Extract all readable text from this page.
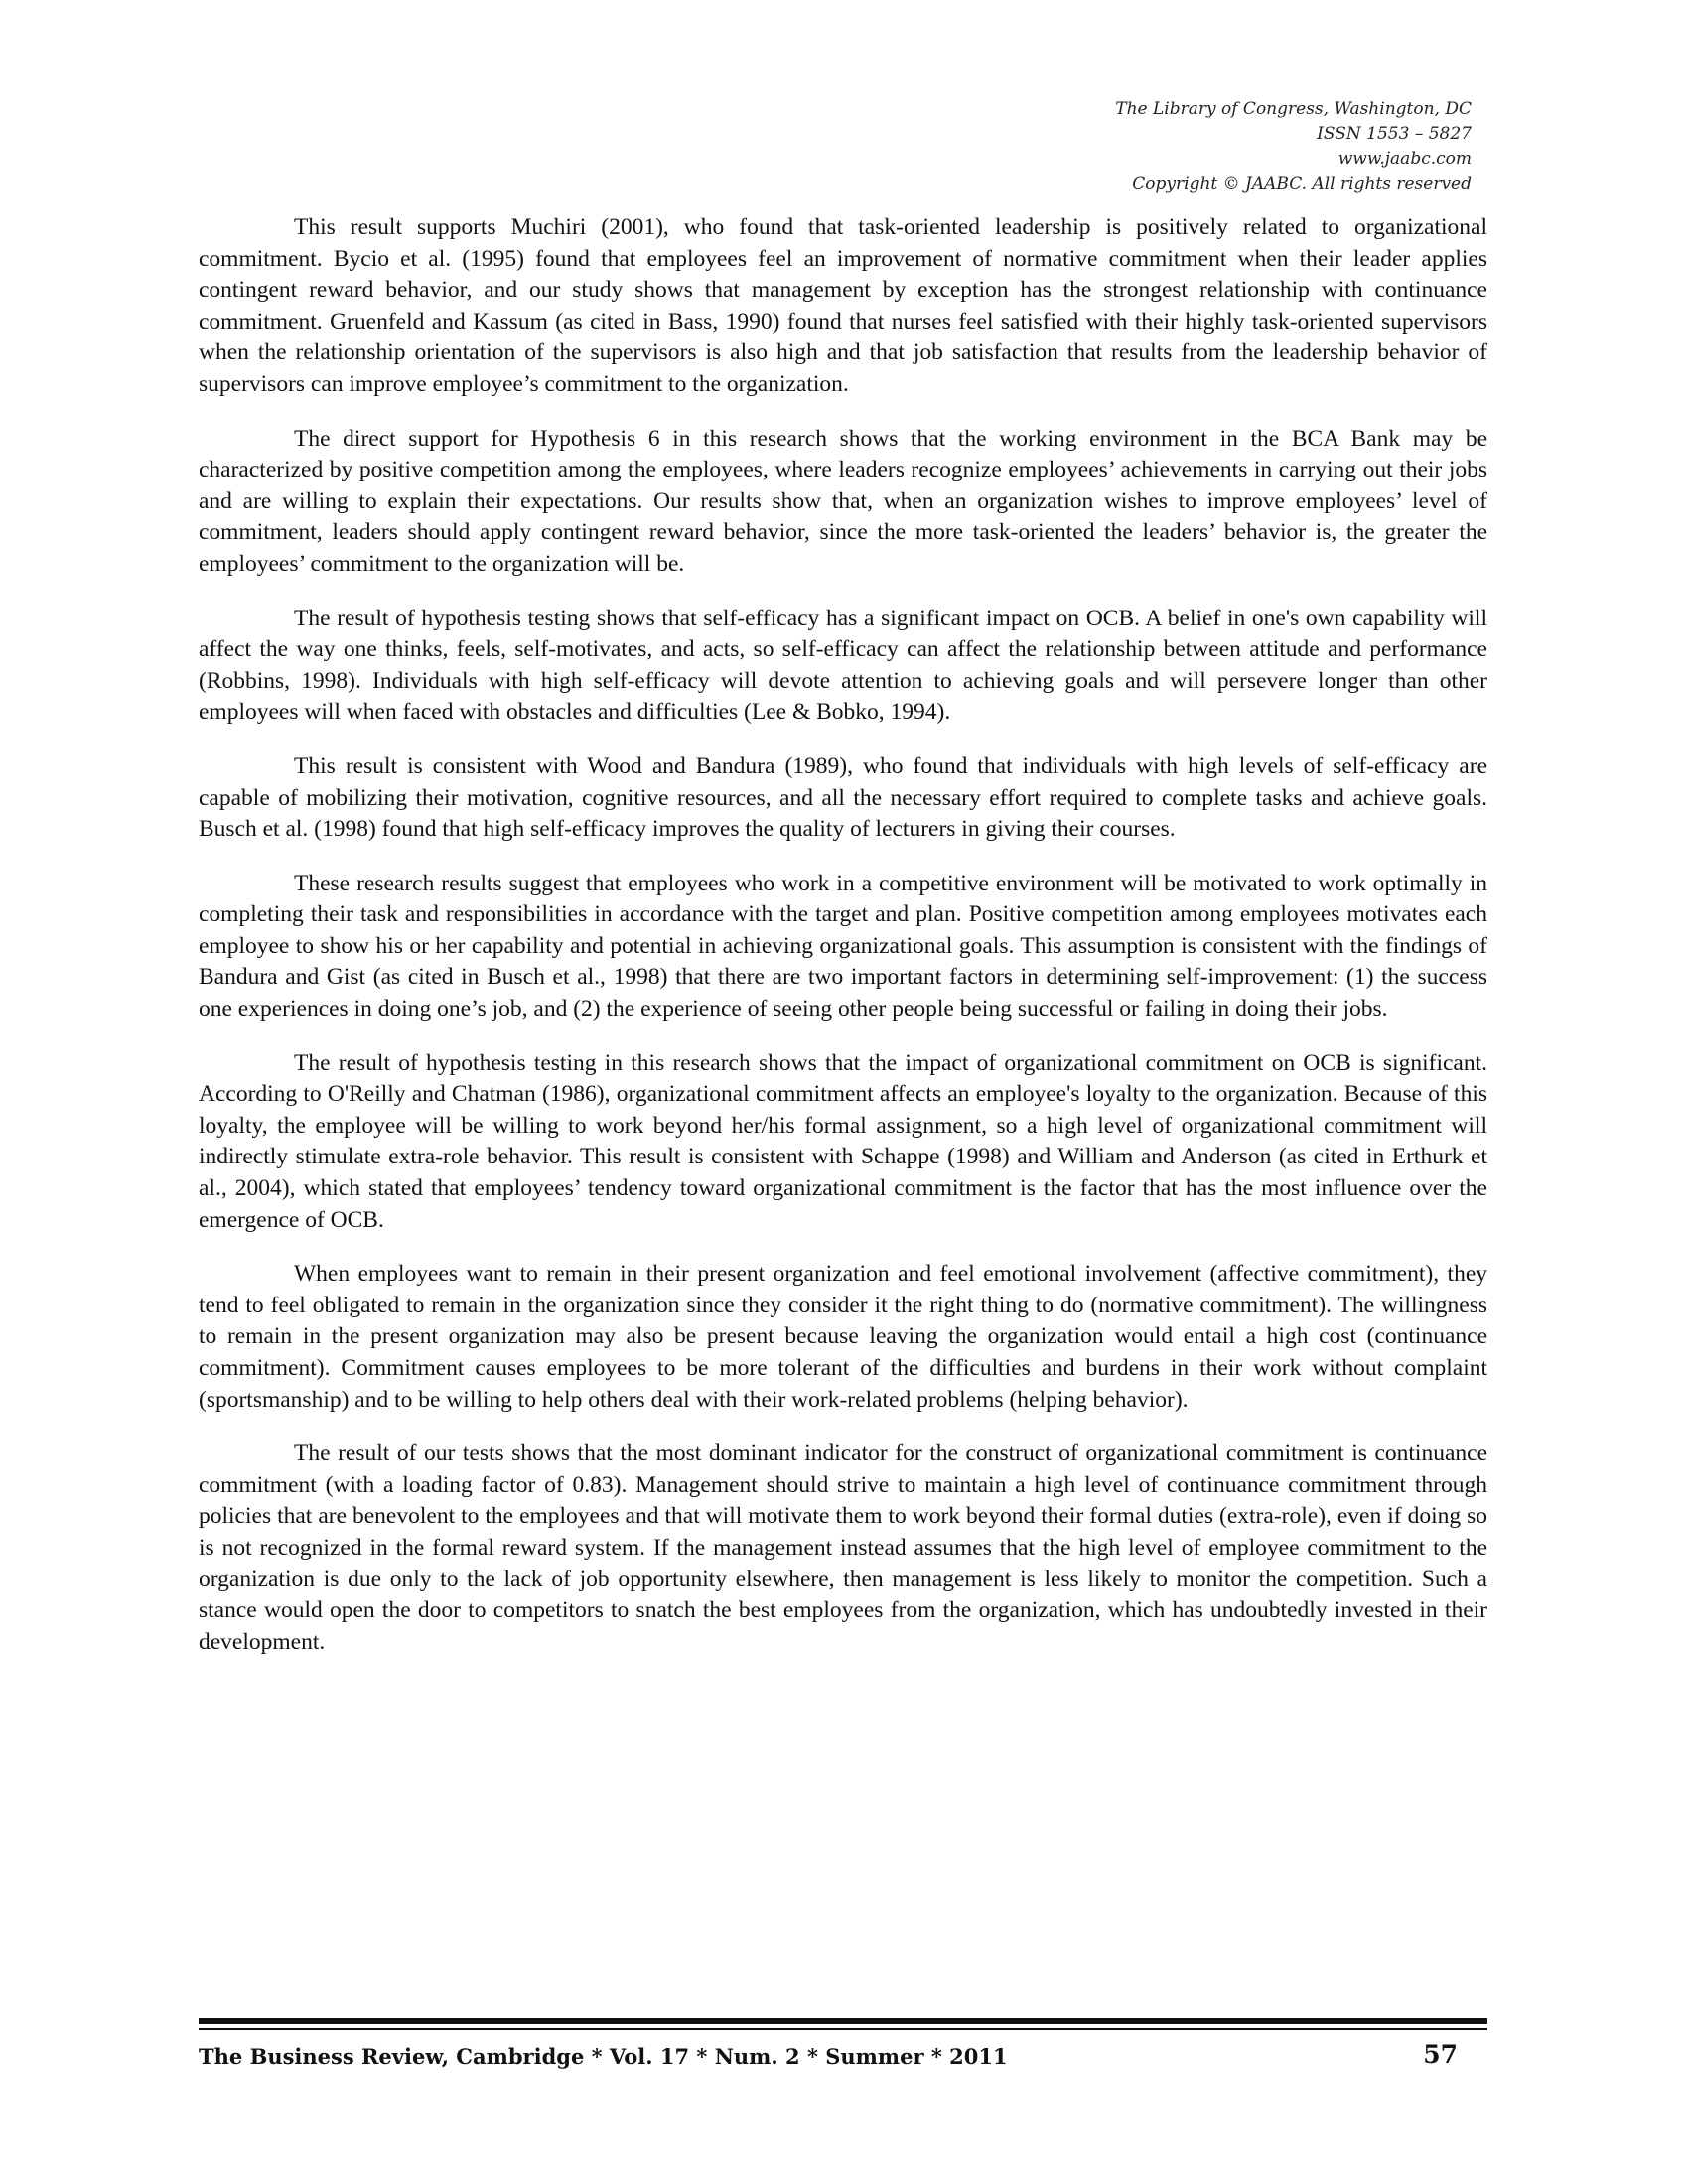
The Library of Congress, Washington, DC
ISSN 1553 – 5827
www.jaabc.com
Copyright © JAABC. All rights reserved

This result supports Muchiri (2001), who found that task-oriented leadership is positively related to organizational commitment. Bycio et al. (1995) found that employees feel an improvement of normative commitment when their leader applies contingent reward behavior, and our study shows that management by exception has the strongest relationship with continuance commitment. Gruenfeld and Kassum (as cited in Bass, 1990) found that nurses feel satisfied with their highly task-oriented supervisors when the relationship orientation of the supervisors is also high and that job satisfaction that results from the leadership behavior of supervisors can improve employee’s commitment to the organization.

The direct support for Hypothesis 6 in this research shows that the working environment in the BCA Bank may be characterized by positive competition among the employees, where leaders recognize employees’ achievements in carrying out their jobs and are willing to explain their expectations. Our results show that, when an organization wishes to improve employees’ level of commitment, leaders should apply contingent reward behavior, since the more task-oriented the leaders’ behavior is, the greater the employees’ commitment to the organization will be.

The result of hypothesis testing shows that self-efficacy has a significant impact on OCB. A belief in one's own capability will affect the way one thinks, feels, self-motivates, and acts, so self-efficacy can affect the relationship between attitude and performance (Robbins, 1998). Individuals with high self-efficacy will devote attention to achieving goals and will persevere longer than other employees will when faced with obstacles and difficulties (Lee & Bobko, 1994).

This result is consistent with Wood and Bandura (1989), who found that individuals with high levels of self-efficacy are capable of mobilizing their motivation, cognitive resources, and all the necessary effort required to complete tasks and achieve goals. Busch et al. (1998) found that high self-efficacy improves the quality of lecturers in giving their courses.

These research results suggest that employees who work in a competitive environment will be motivated to work optimally in completing their task and responsibilities in accordance with the target and plan. Positive competition among employees motivates each employee to show his or her capability and potential in achieving organizational goals. This assumption is consistent with the findings of Bandura and Gist (as cited in Busch et al., 1998) that there are two important factors in determining self-improvement: (1) the success one experiences in doing one’s job, and (2) the experience of seeing other people being successful or failing in doing their jobs.

The result of hypothesis testing in this research shows that the impact of organizational commitment on OCB is significant. According to O'Reilly and Chatman (1986), organizational commitment affects an employee's loyalty to the organization. Because of this loyalty, the employee will be willing to work beyond her/his formal assignment, so a high level of organizational commitment will indirectly stimulate extra-role behavior. This result is consistent with Schappe (1998) and William and Anderson (as cited in Erthurk et al., 2004), which stated that employees’ tendency toward organizational commitment is the factor that has the most influence over the emergence of OCB.

When employees want to remain in their present organization and feel emotional involvement (affective commitment), they tend to feel obligated to remain in the organization since they consider it the right thing to do (normative commitment). The willingness to remain in the present organization may also be present because leaving the organization would entail a high cost (continuance commitment). Commitment causes employees to be more tolerant of the difficulties and burdens in their work without complaint (sportsmanship) and to be willing to help others deal with their work-related problems (helping behavior).

The result of our tests shows that the most dominant indicator for the construct of organizational commitment is continuance commitment (with a loading factor of 0.83). Management should strive to maintain a high level of continuance commitment through policies that are benevolent to the employees and that will motivate them to work beyond their formal duties (extra-role), even if doing so is not recognized in the formal reward system. If the management instead assumes that the high level of employee commitment to the organization is due only to the lack of job opportunity elsewhere, then management is less likely to monitor the competition. Such a stance would open the door to competitors to snatch the best employees from the organization, which has undoubtedly invested in their development.

The Business Review, Cambridge * Vol. 17 * Num. 2 * Summer * 2011	57
